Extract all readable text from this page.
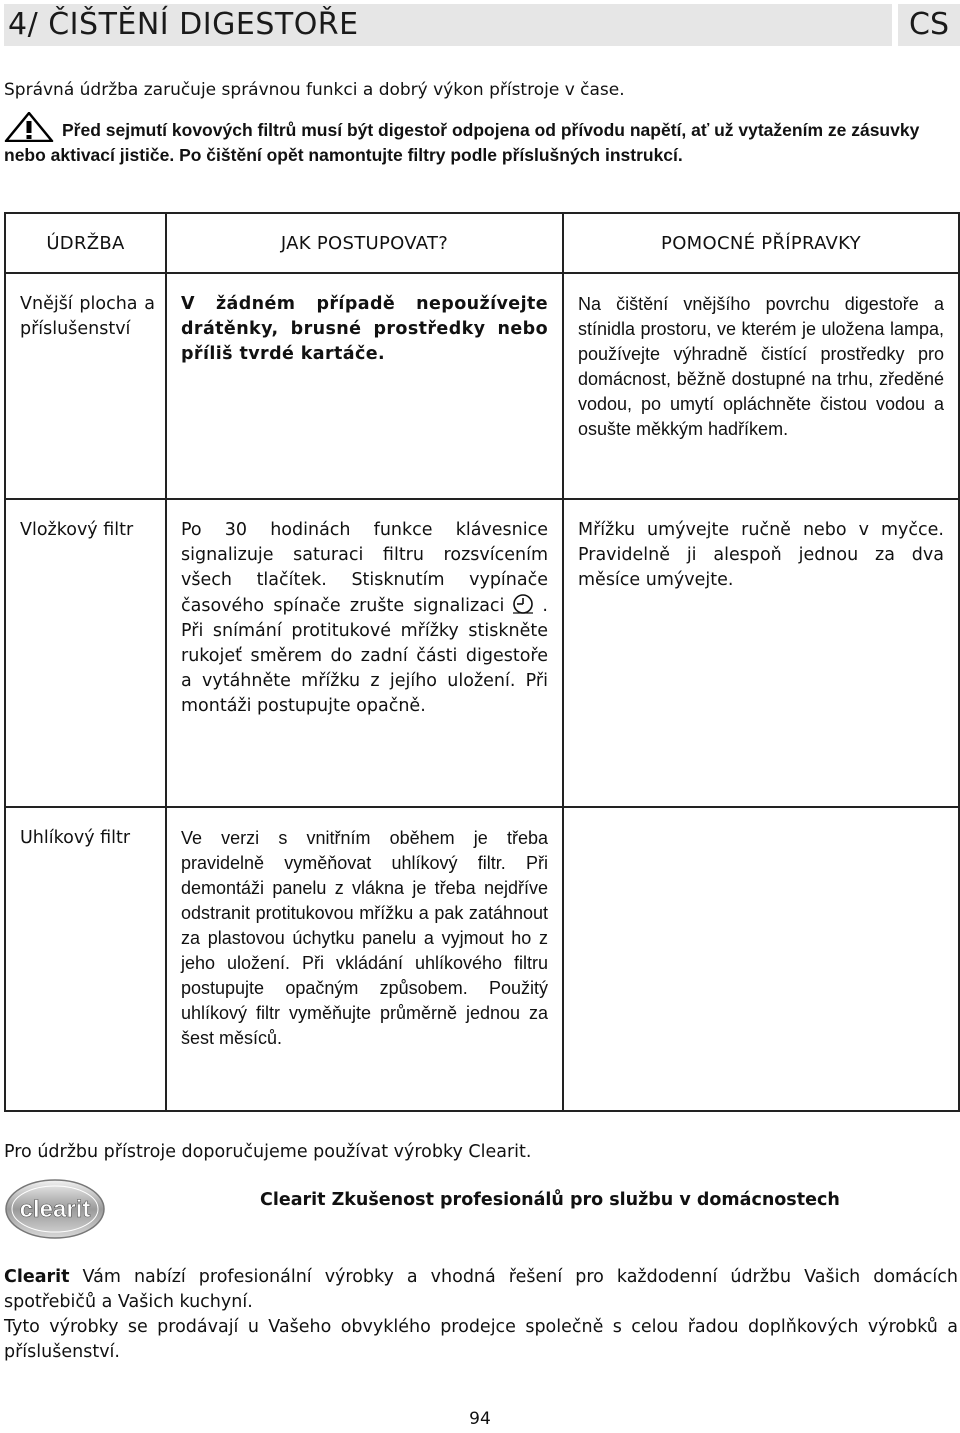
4/ ČIŠTĚNÍ DIGESTOŘE	CS
Správná údržba zaručuje správnou funkci a dobrý výkon přístroje v čase.
Před sejmutí kovových filtrů musí být digestoř odpojena od přívodu napětí, ať už vytažením ze zásuvky nebo aktivací jističe. Po čištění opět namontujte filtry podle příslušných instrukcí.
ÚDRŽBA	JAK POSTUPOVAT?	POMOCNÉ PŘÍPRAVKY

Vnější plocha a příslušenství	V žádném případě nepoužívejte drátěnky, brusné prostředky nebo příliš tvrdé kartáče.	Na čištění vnějšího povrchu digestoře a stínidla prostoru, ve kterém je uložena lampa, používejte výhradně čistící prostředky pro domácnost, běžně dostupné na trhu, zředěné vodou, po umytí opláchněte čistou vodou a osušte měkkým hadříkem.

Vložkový filtr	Po 30 hodinách funkce klávesnice signalizuje saturaci filtru rozsvícením všech tlačítek. Stisknutím vypínače časového spínače zrušte signalizaci . Při snímání protitukové mřížky stiskněte rukojeť směrem do zadní části digestoře a vytáhněte mřížku z jejího uložení. Při montáži postupujte opačně.	Mřížku umývejte ručně nebo v myčce. Pravidelně ji alespoň jednou za dva měsíce umývejte.

Uhlíkový filtr	Ve verzi s vnitřním oběhem je třeba pravidelně vyměňovat uhlíkový filtr. Při demontáži panelu z vlákna je třeba nejdříve odstranit protitukovou mřížku a pak zatáhnout za plastovou úchytku panelu a vyjmout ho z jeho uložení. Při vkládání uhlíkového filtru postupujte opačným způsobem. Použitý uhlíkový filtr vyměňujte průměrně jednou za šest měsíců.	

Pro údržbu přístroje doporučujeme používat výrobky Clearit.
clearit	Clearit Zkušenost profesionálů pro službu v domácnostech
Clearit Vám nabízí profesionální výrobky a vhodná řešení pro každodenní údržbu Vašich domácích spotřebičů a Vašich kuchyní.
Tyto výrobky se prodávají u Vašeho obvyklého prodejce společně s celou řadou doplňkových výrobků a příslušenství.
94
